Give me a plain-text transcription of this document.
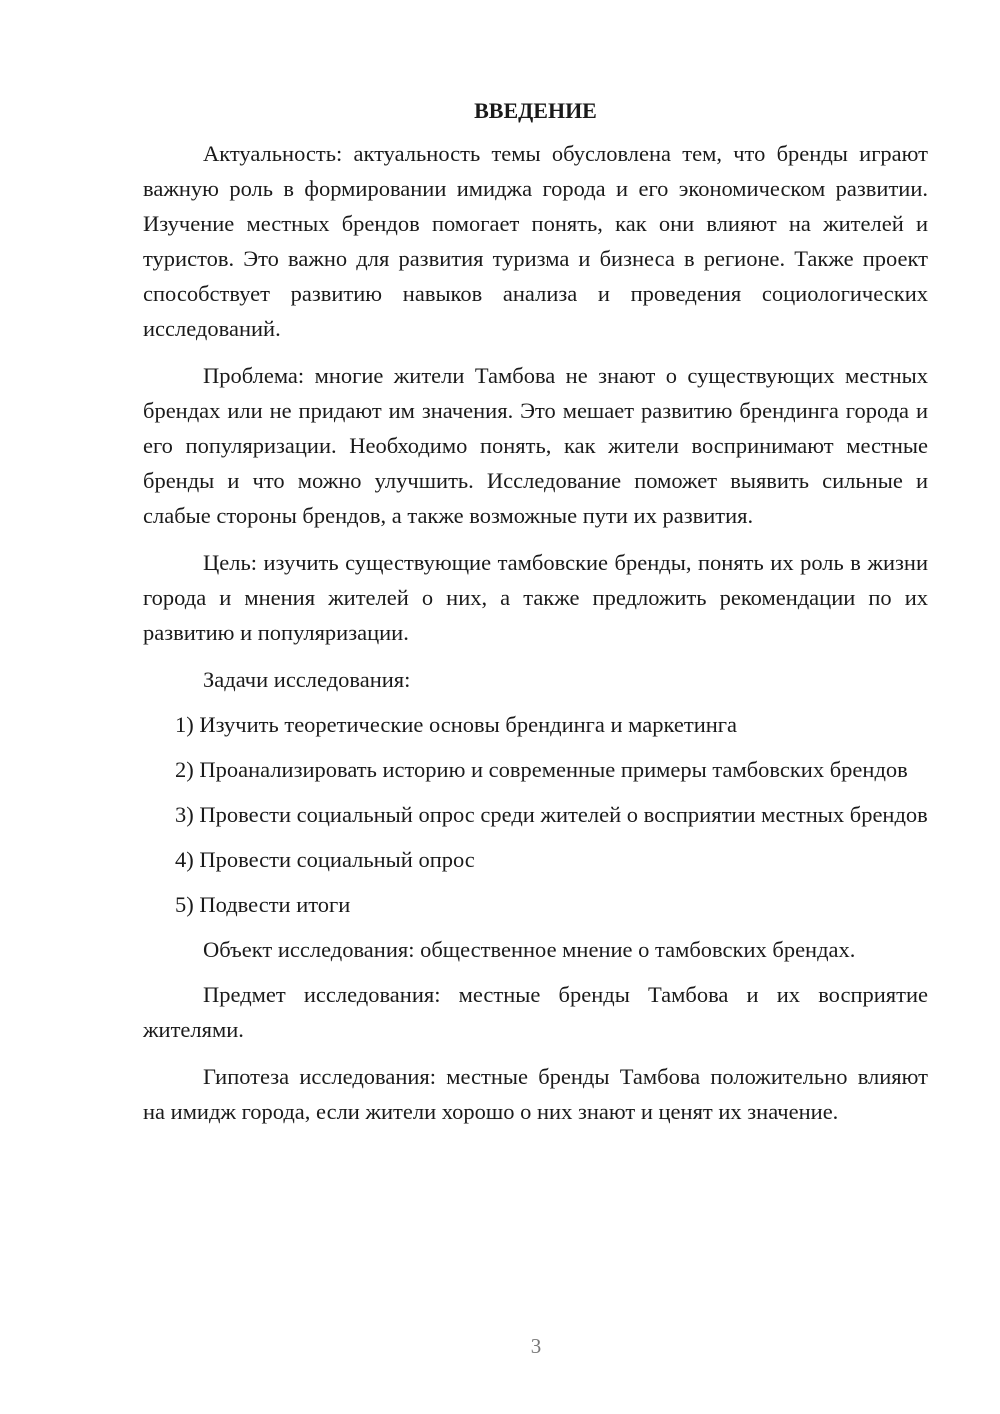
ВВЕДЕНИЕ

Актуальность: актуальность темы обусловлена тем, что бренды играют важную роль в формировании имиджа города и его экономическом развитии. Изучение местных брендов помогает понять, как они влияют на жителей и туристов. Это важно для развития туризма и бизнеса в регионе. Также проект способствует развитию навыков анализа и проведения социологических исследований.

Проблема: многие жители Тамбова не знают о существующих местных брендах или не придают им значения. Это мешает развитию брендинга города и его популяризации. Необходимо понять, как жители воспринимают местные бренды и что можно улучшить. Исследование поможет выявить сильные и слабые стороны брендов, а также возможные пути их развития.

Цель: изучить существующие тамбовские бренды, понять их роль в жизни города и мнения жителей о них, а также предложить рекомендации по их развитию и популяризации.

Задачи исследования:

1) Изучить теоретические основы брендинга и маркетинга

2) Проанализировать историю и современные примеры тамбовских брендов

3) Провести социальный опрос среди жителей о восприятии местных брендов

4) Провести социальный опрос

5) Подвести итоги

Объект исследования: общественное мнение о тамбовских брендах.

Предмет исследования: местные бренды Тамбова и их восприятие жителями.

Гипотеза исследования: местные бренды Тамбова положительно влияют на имидж города, если жители хорошо о них знают и ценят их значение.

3
